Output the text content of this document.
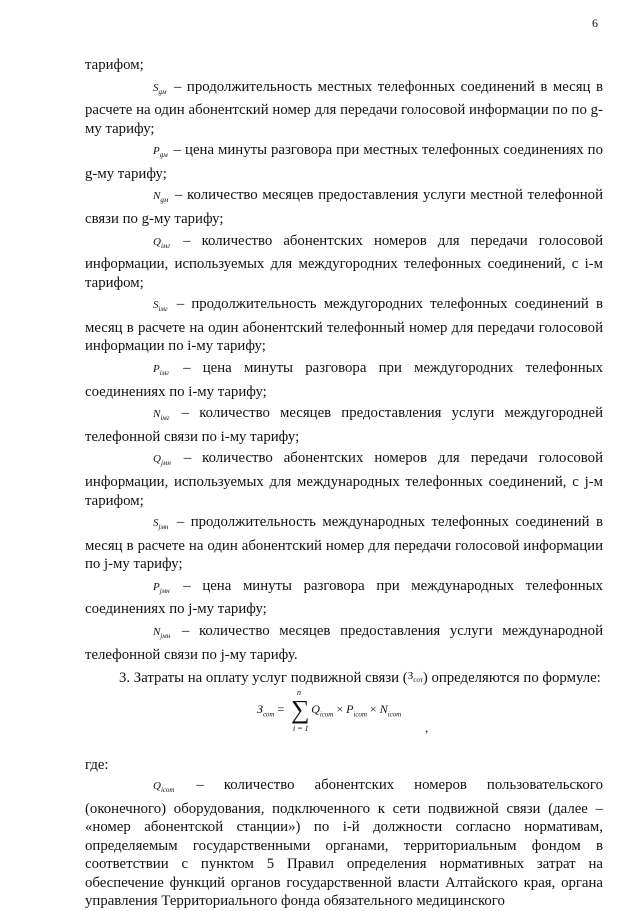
6

тарифом;

$S_{gм}$ – продолжительность местных телефонных соединений в месяц в расчете на один абонентский номер для передачи голосовой информации по по g-му тарифу;

$P_{gм}$ – цена минуты разговора при местных телефонных соединениях по g-му тарифу;

$N_{gм}$ – количество месяцев предоставления услуги местной телефонной связи по g-му тарифу;

$Q_{iмг}$ – количество абонентских номеров для передачи голосовой информации, используемых для междугородних телефонных соединений, с i-м тарифом;

$S_{iмг}$ – продолжительность междугородних телефонных соединений в месяц в расчете на один абонентский телефонный номер для передачи голосовой информации по i-му тарифу;

$P_{iмг}$ – цена минуты разговора при междугородних телефонных соединениях по i-му тарифу;

$N_{iмг}$ – количество месяцев предоставления услуги междугородней телефонной связи по i-му тарифу;

$Q_{jмн}$ – количество абонентских номеров для передачи голосовой информации, используемых для международных телефонных соединений, с j-м тарифом;

$S_{jмн}$ – продолжительность международных телефонных соединений в месяц в расчете на один абонентский номер для передачи голосовой информации по j-му тарифу;

$P_{jмн}$ – цена минуты разговора при международных телефонных соединениях по j-му тарифу;

$N_{jмн}$ – количество месяцев предоставления услуги международной телефонной связи по j-му тарифу.

3. Затраты на оплату услуг подвижной связи ($^{З_{сот}}$) определяются по формуле:

$З_{сот} = Q_{iсот} \times P_{iсот} \times N_{iсот}$
n
∑
i = 1	,

где:

$Q_{iсот}$ – количество абонентских номеров пользовательского (оконечного) оборудования, подключенного к сети подвижной связи (далее – «номер абонентской станции») по i-й должности согласно нормативам, определяемым государственными органами, территориальным фондом в соответствии с пунктом 5 Правил определения нормативных затрат на обеспечение функций органов государственной власти Алтайского края, органа управления Территориального фонда обязательного медицинского
